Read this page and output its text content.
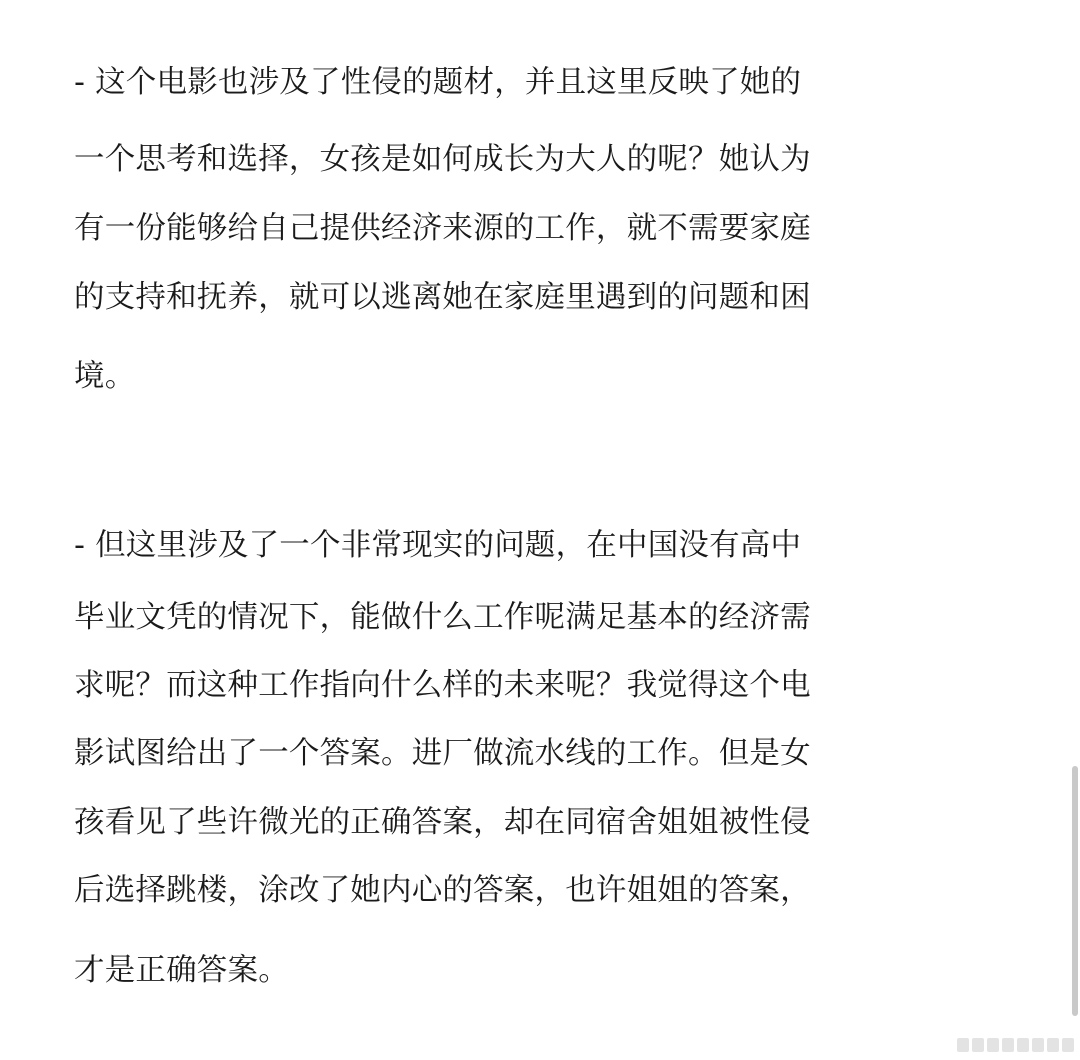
- 这个电影也涉及了性侵的题材，并且这里反映了她的
一个思考和选择，女孩是如何成长为大人的呢？她认为
有一份能够给自己提供经济来源的工作，就不需要家庭
的支持和抚养，就可以逃离她在家庭里遇到的问题和困
境。
- 但这里涉及了一个非常现实的问题，在中国没有高中
毕业文凭的情况下，能做什么工作呢满足基本的经济需
求呢？而这种工作指向什么样的未来呢？我觉得这个电
影试图给出了一个答案。进厂做流水线的工作。但是女
孩看见了些许微光的正确答案，却在同宿舍姐姐被性侵
后选择跳楼，涂改了她内心的答案，也许姐姐的答案，
才是正确答案。
